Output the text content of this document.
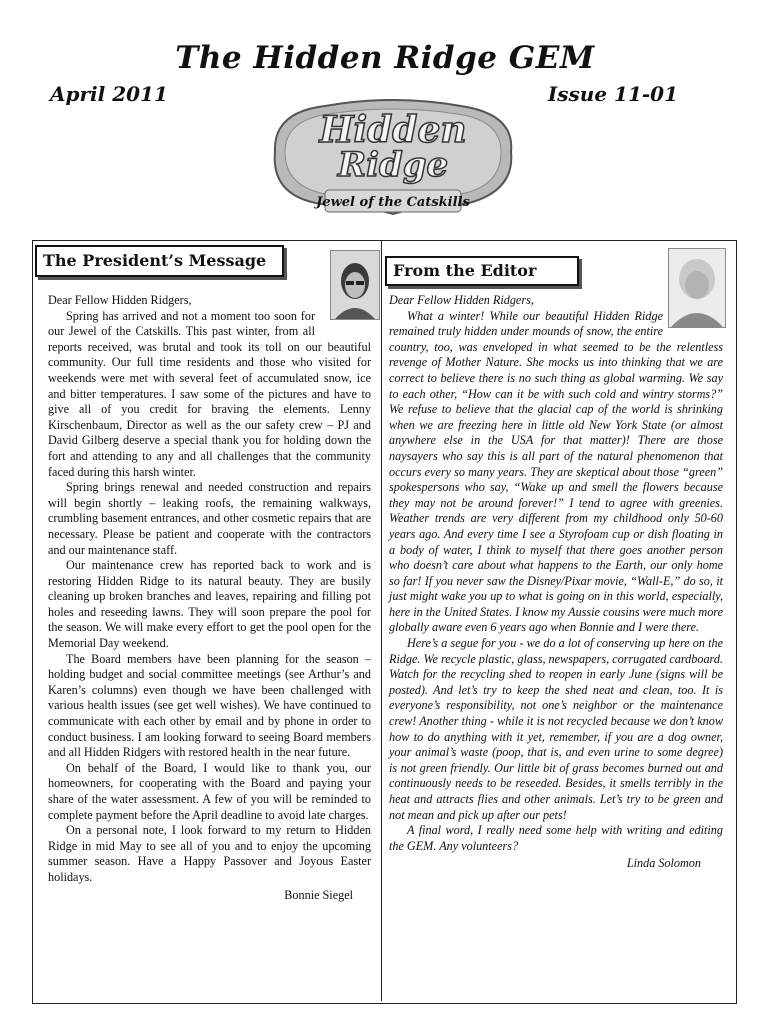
The Hidden Ridge GEM
April 2011	Issue 11-01
Hidden
Ridge
Jewel of the Catskills
The President’s Message
From the Editor

Dear Fellow Hidden Ridgers,

Spring has arrived and not a moment too soon for our Jewel of the Catskills. This past winter, from all reports received, was brutal and took its toll on our beautiful community. Our full time residents and those who visited for weekends were met with several feet of accumulated snow, ice and bitter temperatures. I saw some of the pictures and have to give all of you credit for braving the elements. Lenny Kirschenbaum, Director as well as the our safety crew – PJ and David Gilberg deserve a special thank you for holding down the fort and attending to any and all challenges that the community faced during this harsh winter.

Spring brings renewal and needed construction and repairs will begin shortly – leaking roofs, the remaining walkways, crumbling basement entrances, and other cosmetic repairs that are necessary. Please be patient and cooperate with the contractors and our maintenance staff.

Our maintenance crew has reported back to work and is restoring Hidden Ridge to its natural beauty. They are busily cleaning up broken branches and leaves, repairing and filling pot holes and reseeding lawns. They will soon prepare the pool for the season. We will make every effort to get the pool open for the Memorial Day weekend.

The Board members have been planning for the season – holding budget and social committee meetings (see Arthur’s and Karen’s columns) even though we have been challenged with various health issues (see get well wishes). We have continued to communicate with each other by email and by phone in order to conduct business. I am looking forward to seeing Board members and all Hidden Ridgers with restored health in the near future.

On behalf of the Board, I would like to thank you, our homeowners, for cooperating with the Board and paying your share of the water assessment. A few of you will be reminded to complete payment before the April deadline to avoid late charges.

On a personal note, I look forward to my return to Hidden Ridge in mid May to see all of you and to enjoy the upcoming summer season. Have a Happy Passover and Joyous Easter holidays.

Bonnie Siegel

Dear Fellow Hidden Ridgers,

What a winter! While our beautiful Hidden Ridge remained truly hidden under mounds of snow, the entire country, too, was enveloped in what seemed to be the relentless revenge of Mother Nature. She mocks us into thinking that we are correct to believe there is no such thing as global warming. We say to each other, “How can it be with such cold and wintry storms?” We refuse to believe that the glacial cap of the world is shrinking when we are freezing here in little old New York State (or almost anywhere else in the USA for that matter)! There are those naysayers who say this is all part of the natural phenomenon that occurs every so many years. They are skeptical about those “green” spokespersons who say, “Wake up and smell the flowers because they may not be around forever!” I tend to agree with greenies. Weather trends are very different from my childhood only 50-60 years ago. And every time I see a Styrofoam cup or dish floating in a body of water, I think to myself that there goes another person who doesn’t care about what happens to the Earth, our only home so far! If you never saw the Disney/Pixar movie, “Wall-E,” do so, it just might wake you up to what is going on in this world, especially, here in the United States. I know my Aussie cousins were much more globally aware even 6 years ago when Bonnie and I were there.

Here’s a segue for you - we do a lot of conserving up here on the Ridge. We recycle plastic, glass, newspapers, corrugated cardboard. Watch for the recycling shed to reopen in early June (signs will be posted). And let’s try to keep the shed neat and clean, too. It is everyone’s responsibility, not one’s neighbor or the maintenance crew! Another thing - while it is not recycled because we don’t know how to do anything with it yet, remember, if you are a dog owner, your animal’s waste (poop, that is, and even urine to some degree) is not green friendly. Our little bit of grass becomes burned out and continuously needs to be reseeded. Besides, it smells terribly in the heat and attracts flies and other animals. Let’s try to be green and not mean and pick up after our pets!

A final word, I really need some help with writing and editing the GEM. Any volunteers?

Linda Solomon
